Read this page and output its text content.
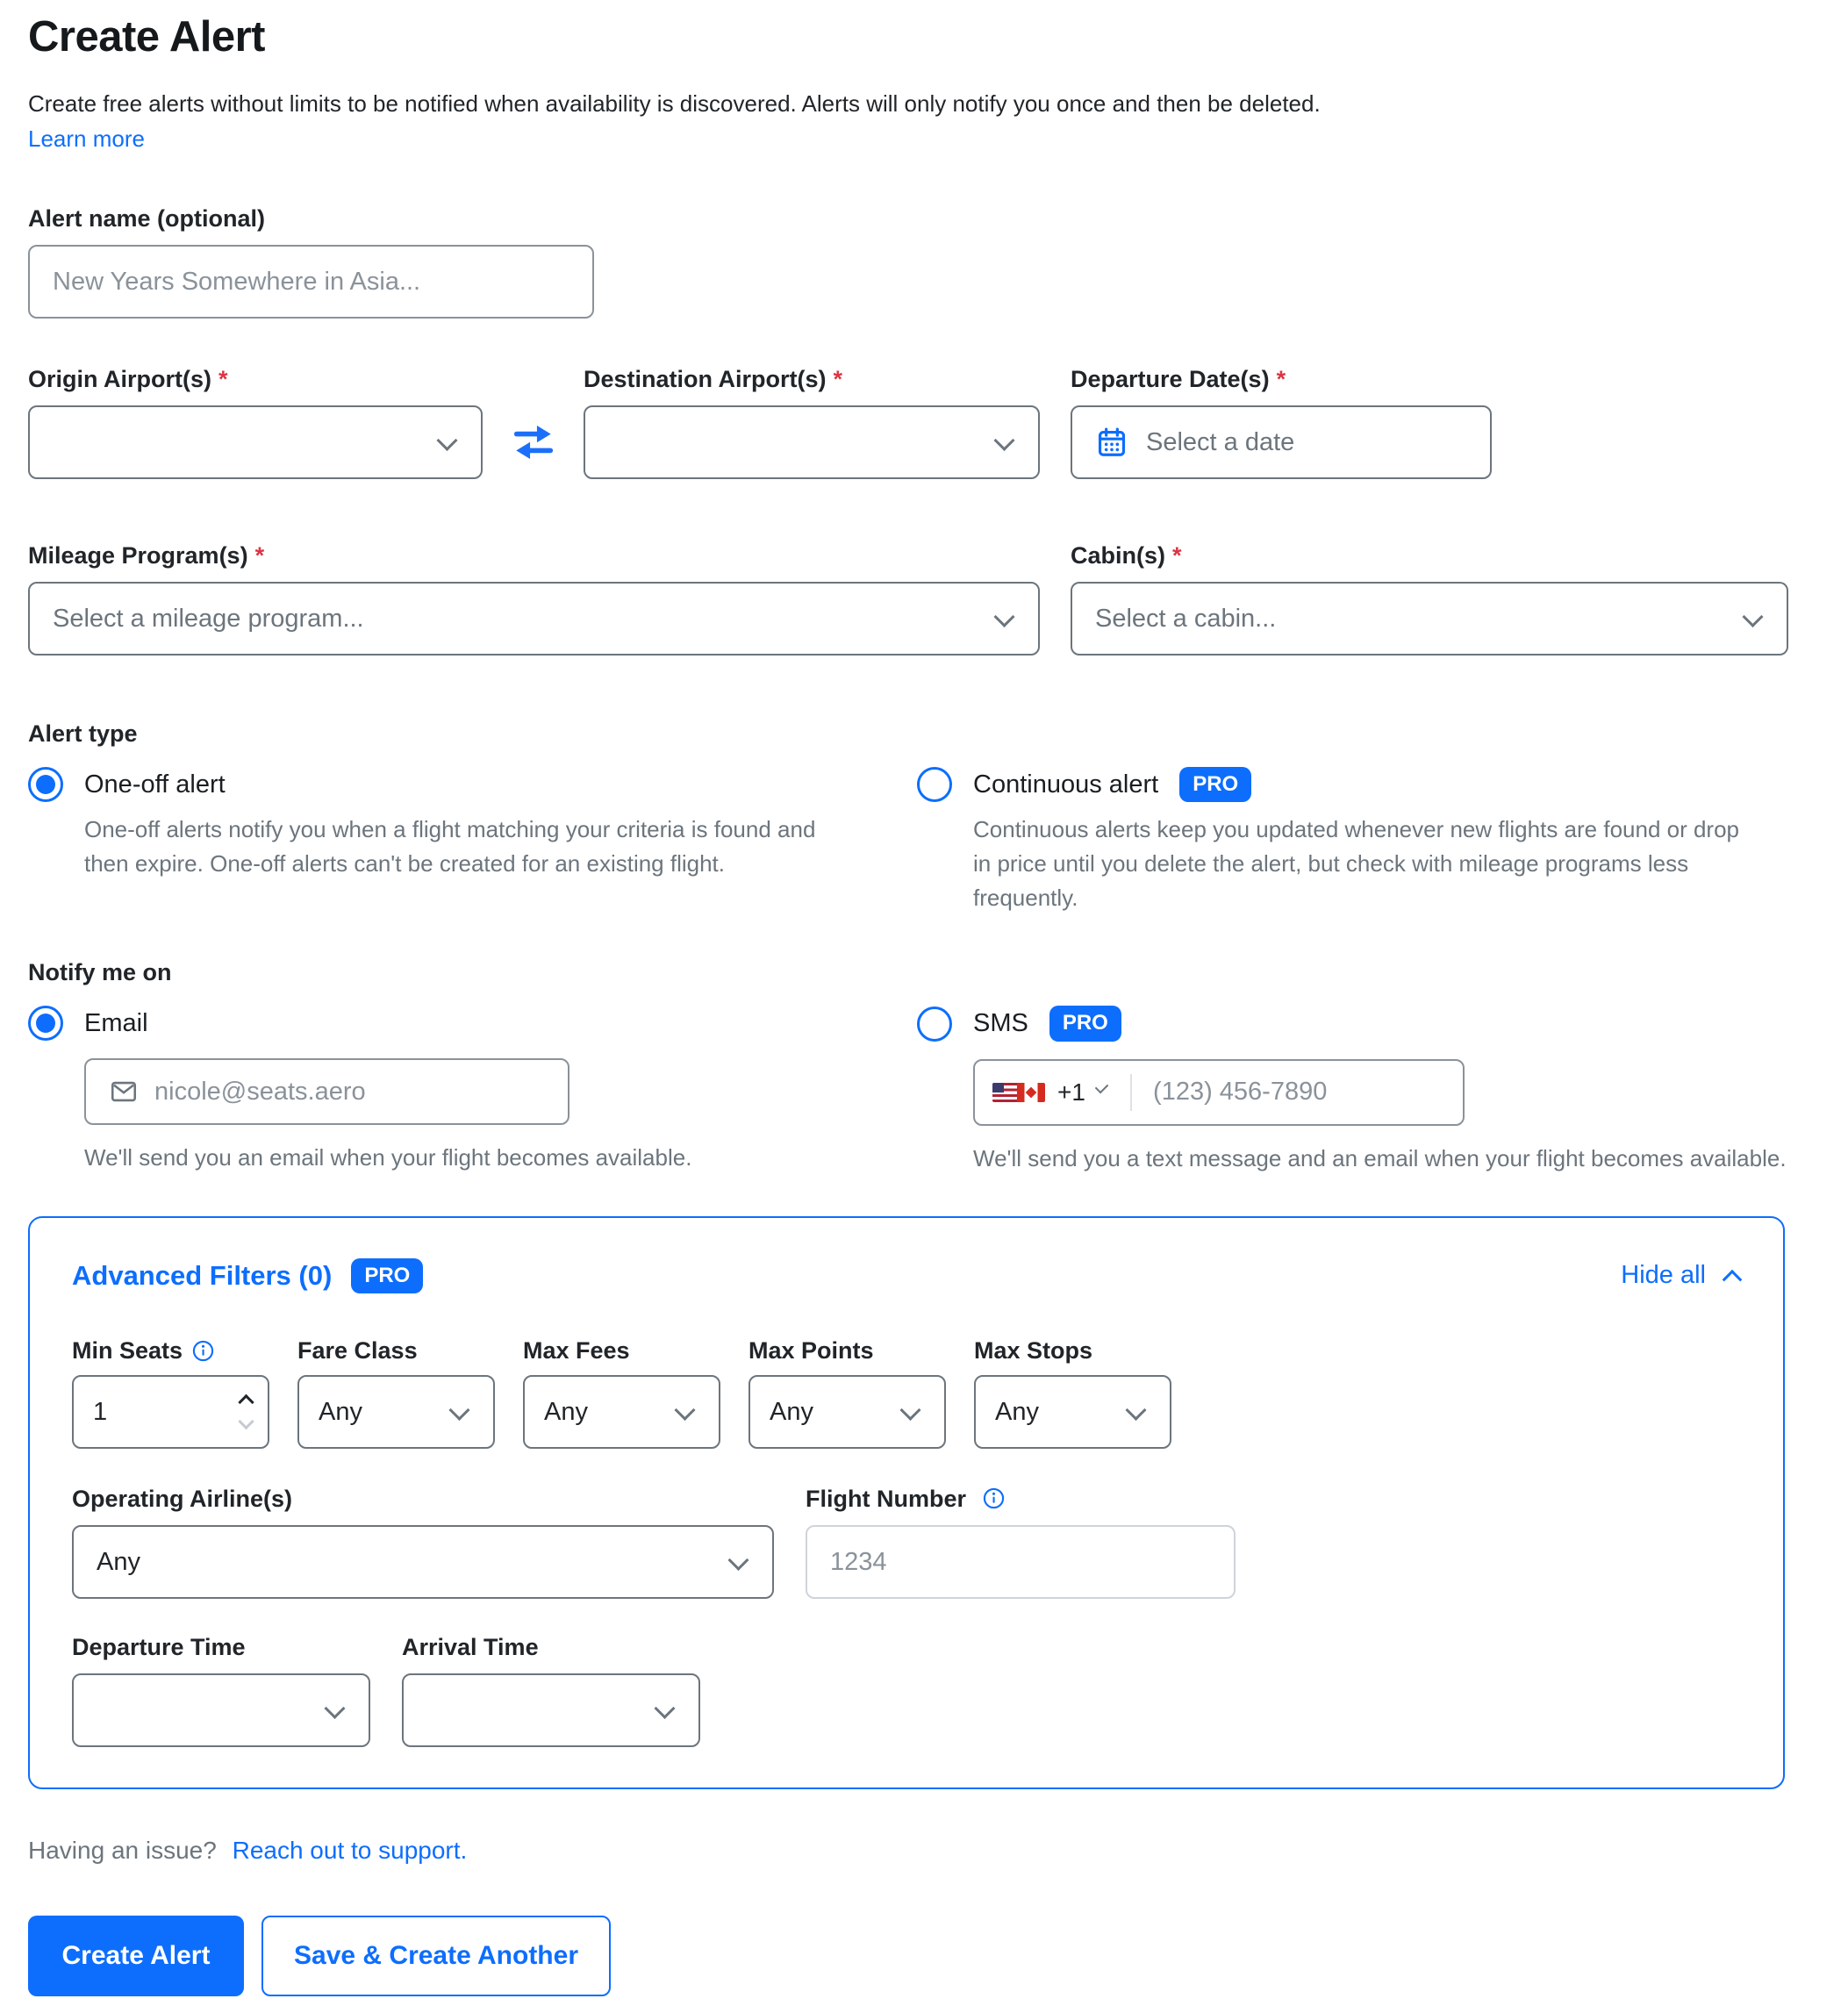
Create Alert

Create free alerts without limits to be notified when availability is discovered. Alerts will only notify you once and then be deleted.

Learn more
Alert name (optional)
New Years Somewhere in Asia...
Origin Airport(s) *	Destination Airport(s) *	Departure Date(s) *
Select a date
Mileage Program(s) *
Select a mileage program...
Cabin(s) *
Select a cabin...
Alert type
One-off alert
One-off alerts notify you when a flight matching your criteria is found and then expire. One-off alerts can't be created for an existing flight.
Continuous alert	PRO
Continuous alerts keep you updated whenever new flights are found or drop in price until you delete the alert, but check with mileage programs less frequently.
Notify me on
Email
nicole@seats.aero
We'll send you an email when your flight becomes available.
SMS	PRO
+1
(123) 456-7890
We'll send you a text message and an email when your flight becomes available.
Advanced Filters (0)	PRO	Hide all
Min Seats
1	Fare Class
Any
Max Fees
Any
Max Points
Any
Max Stops
Any
Operating Airline(s)
Any
Flight Number
1234
Departure Time	Arrival Time
Having an issue? Reach out to support.
Create Alert	Save & Create Another
